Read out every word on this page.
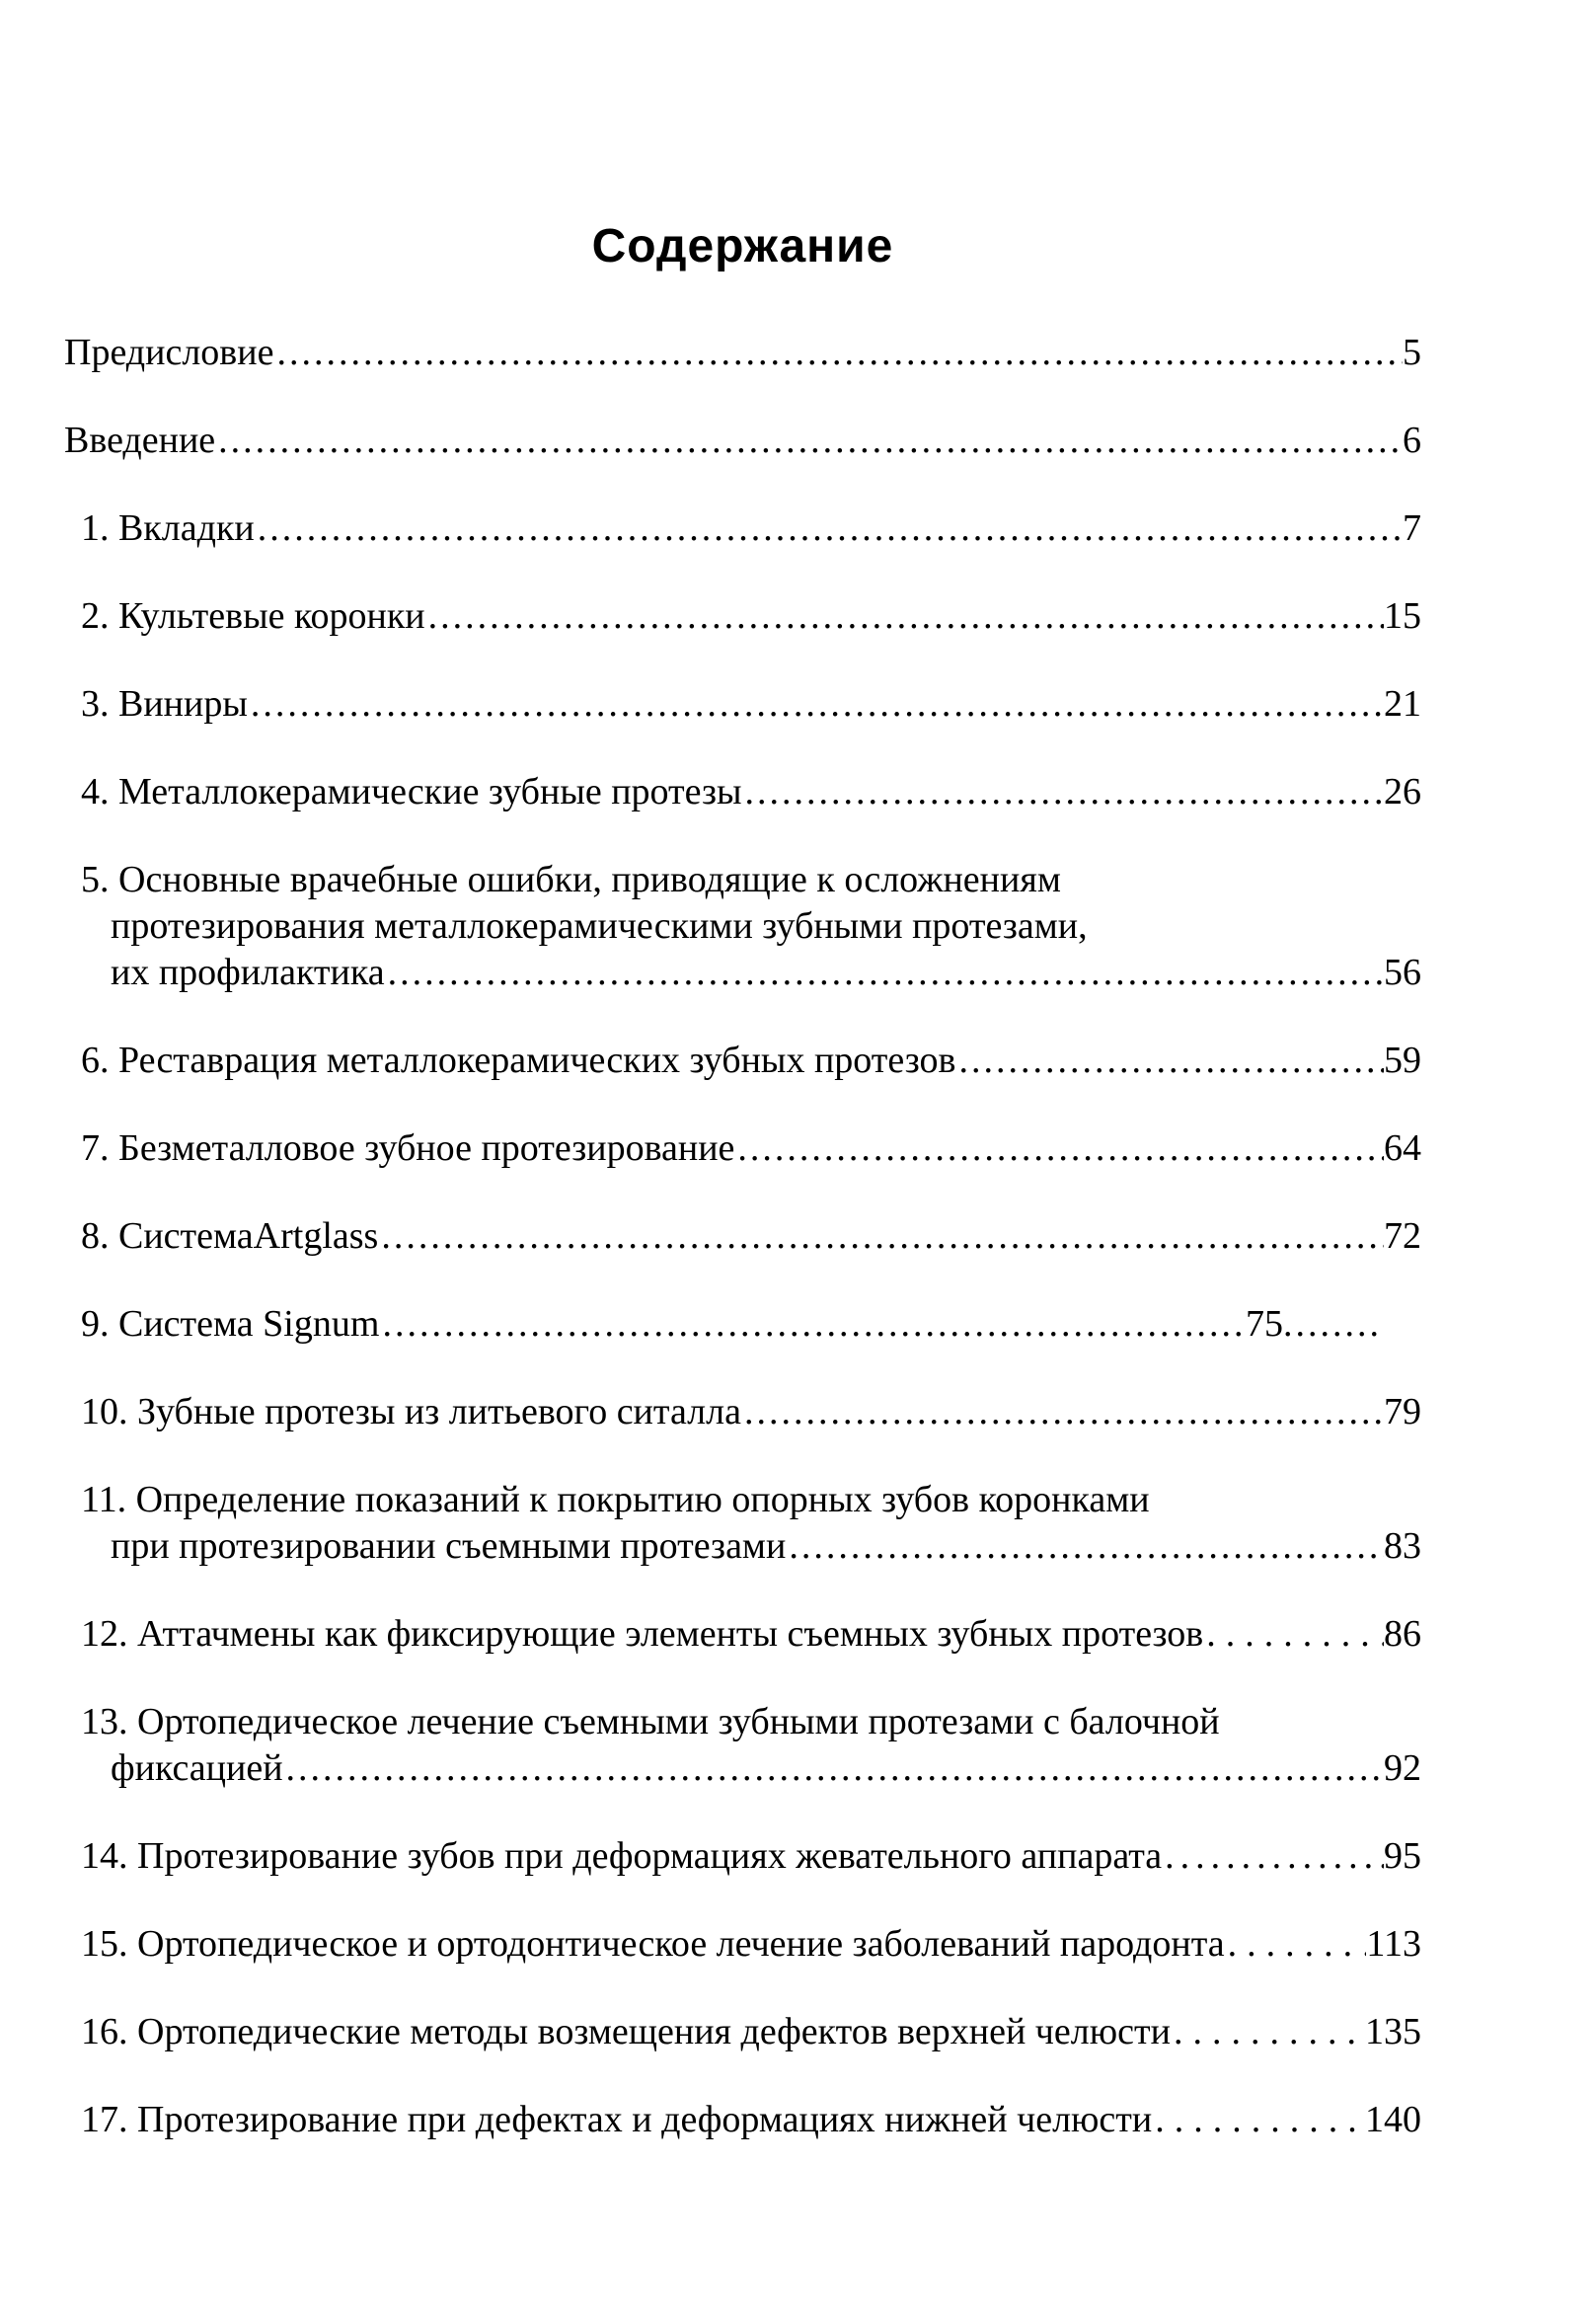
Содержание
Предисловие .....	5
Введение .....	6
1. Вкладки .....	7
2. Культевые коронки .....	15
3. Виниры .....	21
4. Металлокерамические зубные протезы .....	26
5. Основные врачебные ошибки, приводящие к осложнениям
протезирования металлокерамическими зубными протезами,
их профилактика .....	56
6. Реставрация металлокерамических зубных протезов .....	59
7. Безметалловое зубное протезирование .....	64
8. СистемаArtglass .....	72
9. Система Signum .....	75
.....
10. Зубные протезы из литьевого ситалла .....	79
11. Определение показаний к покрытию опорных зубов коронками
при протезировании съемными протезами .....	83
12. Аттачмены как фиксирующие элементы съемных зубных протезов .....	86
13. Ортопедическое лечение съемными зубными протезами с балочной
фиксацией .....	92
14. Протезирование зубов при деформациях жевательного аппарата .....	95
15. Ортопедическое и ортодонтическое лечение заболеваний пародонта .....	113
16. Ортопедические методы возмещения дефектов верхней челюсти .....	135
17. Протезирование при дефектах и деформациях нижней челюсти .....	140
